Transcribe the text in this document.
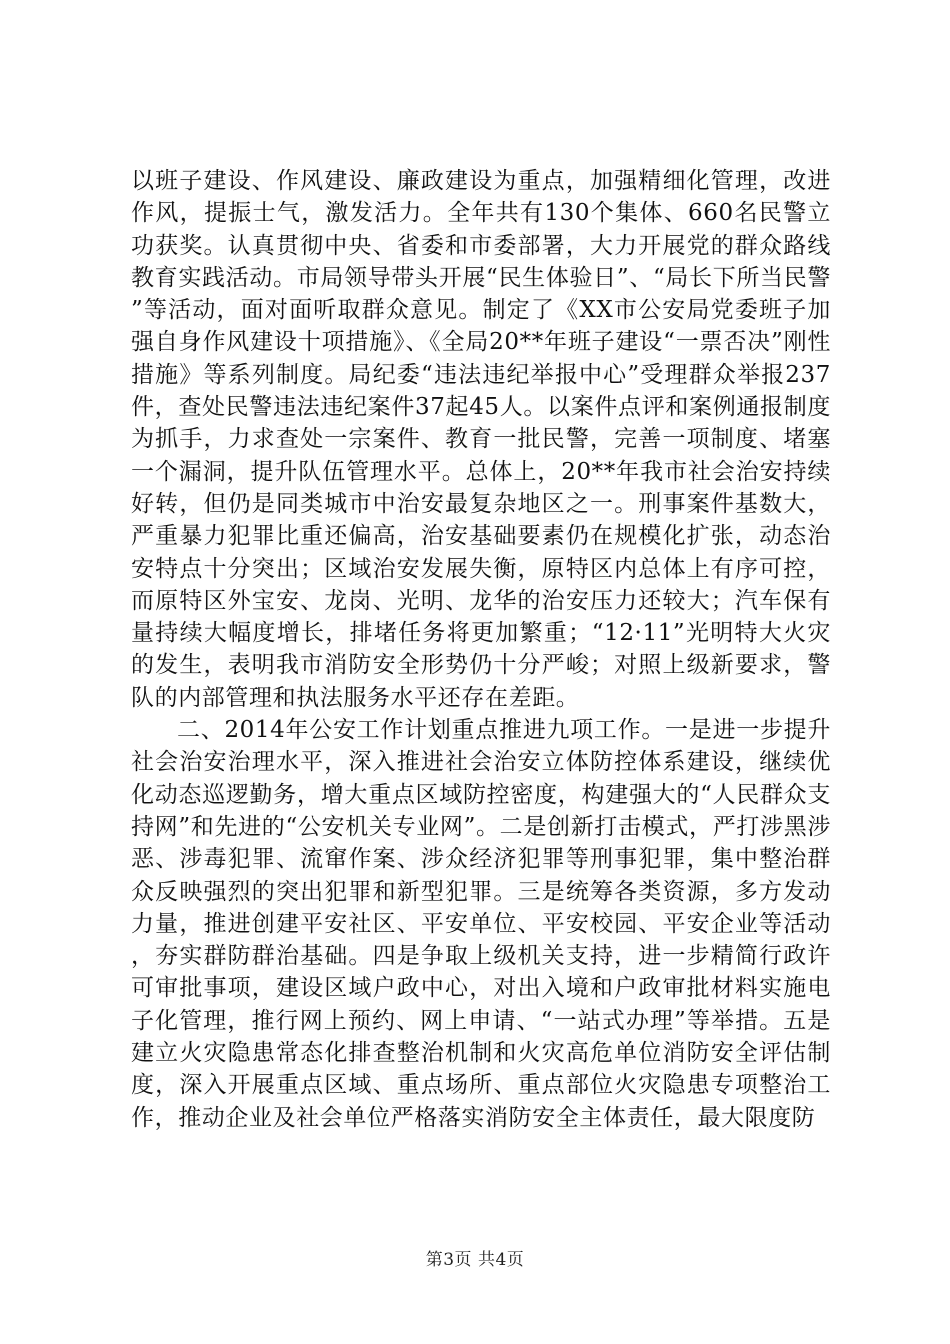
以班子建设、作风建设、廉政建设为重点，加强精细化管理，改进作风，提振士气，激发活力。全年共有130个集体、660名民警立功获奖。认真贯彻中央、省委和市委部署，大力开展党的群众路线教育实践活动。市局领导带头开展“民生体验日”、“局长下所当民警”等活动，面对面听取群众意见。制定了《XX市公安局党委班子加强自身作风建设十项措施》、《全局20**年班子建设“一票否决”刚性措施》等系列制度。局纪委“违法违纪举报中心”受理群众举报237件，查处民警违法违纪案件37起45人。以案件点评和案例通报制度为抓手，力求查处一宗案件、教育一批民警，完善一项制度、堵塞一个漏洞，提升队伍管理水平。总体上，20**年我市社会治安持续好转，但仍是同类城市中治安最复杂地区之一。刑事案件基数大，严重暴力犯罪比重还偏高，治安基础要素仍在规模化扩张，动态治安特点十分突出；区域治安发展失衡，原特区内总体上有序可控，而原特区外宝安、龙岗、光明、龙华的治安压力还较大；汽车保有量持续大幅度增长，排堵任务将更加繁重；“12·11”光明特大火灾的发生，表明我市消防安全形势仍十分严峻；对照上级新要求，警队的内部管理和执法服务水平还存在差距。

二、2014年公安工作计划重点推进九项工作。一是进一步提升社会治安治理水平，深入推进社会治安立体防控体系建设，继续优化动态巡逻勤务，增大重点区域防控密度，构建强大的“人民群众支持网”和先进的“公安机关专业网”。二是创新打击模式，严打涉黑涉恶、涉毒犯罪、流窜作案、涉众经济犯罪等刑事犯罪，集中整治群众反映强烈的突出犯罪和新型犯罪。三是统筹各类资源，多方发动力量，推进创建平安社区、平安单位、平安校园、平安企业等活动，夯实群防群治基础。四是争取上级机关支持，进一步精简行政许可审批事项，建设区域户政中心，对出入境和户政审批材料实施电子化管理，推行网上预约、网上申请、“一站式办理”等举措。五是建立火灾隐患常态化排查整治机制和火灾高危单位消防安全评估制度，深入开展重点区域、重点场所、重点部位火灾隐患专项整治工作，推动企业及社会单位严格落实消防安全主体责任，最大限度防

第3页 共4页
